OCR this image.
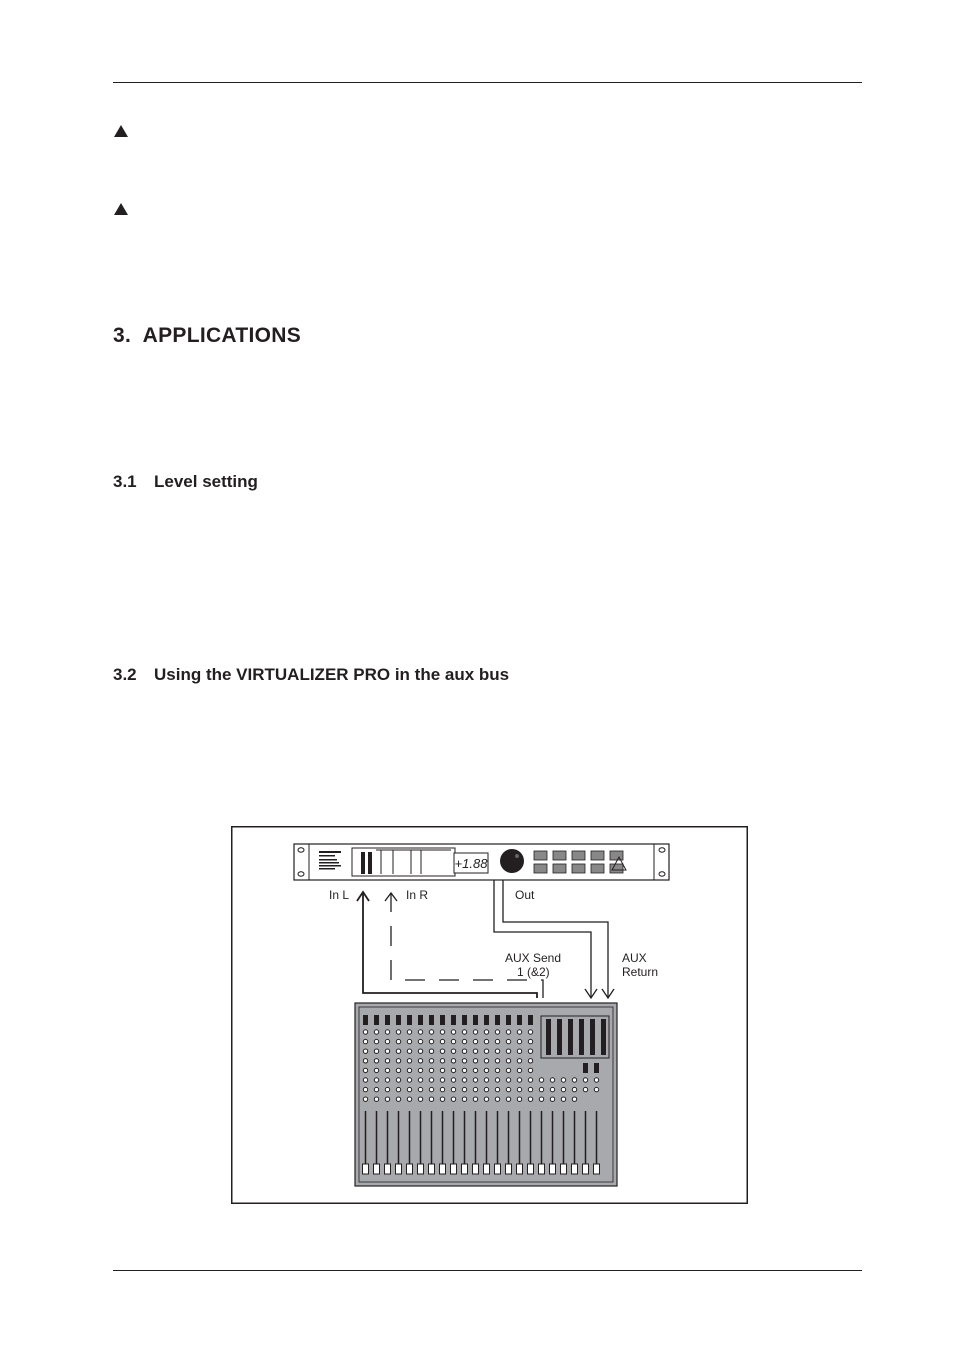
3. APPLICATIONS
3.1 Level setting
3.2 Using the VIRTUALIZER PRO in the aux bus
+1.88
In L	In R	Out
AUX Send
1 (&2)
AUX
Return
